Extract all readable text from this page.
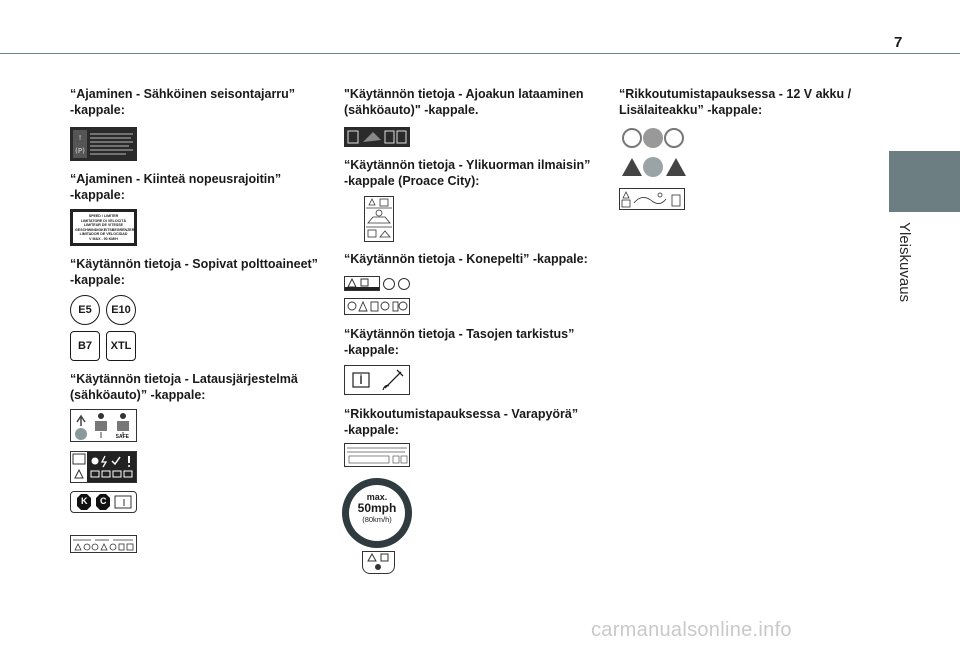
7
Yleiskuvaus
“Ajaminen - Sähköinen seisontajarru”
-kappale:
!
(P)
“Ajaminen - Kiinteä nopeusrajoitin”
-kappale:
SPEED / LIMITER
LIMITATORE DI VELOCITÀ
LIMITEUR DE VITESSE
GESCHWINDIGKEITSBEGRENZER
LIMITADOR DE VELOCIDAD
V MAX - 90 KM/H
“Käytännön tietoja - Sopivat polttoaineet”
-kappale:
E5	E10
B7	XTL
“Käytännön tietoja - Latausjärjestelmä
(sähköauto)” -kappale:
SAFE
K C
"Käytännön tietoja - Ajoakun lataaminen
(sähköauto)" -kappale.
“Käytännön tietoja - Ylikuorman ilmaisin”
-kappale (Proace City):
“Käytännön tietoja - Konepelti” -kappale:
“Käytännön tietoja - Tasojen tarkistus”
-kappale:
“Rikkoutumistapauksessa - Varapyörä”
-kappale:
max.
50mph
(80km/h)
“Rikkoutumistapauksessa - 12 V akku /
Lisälaiteakku” -kappale:
carmanualsonline.info
